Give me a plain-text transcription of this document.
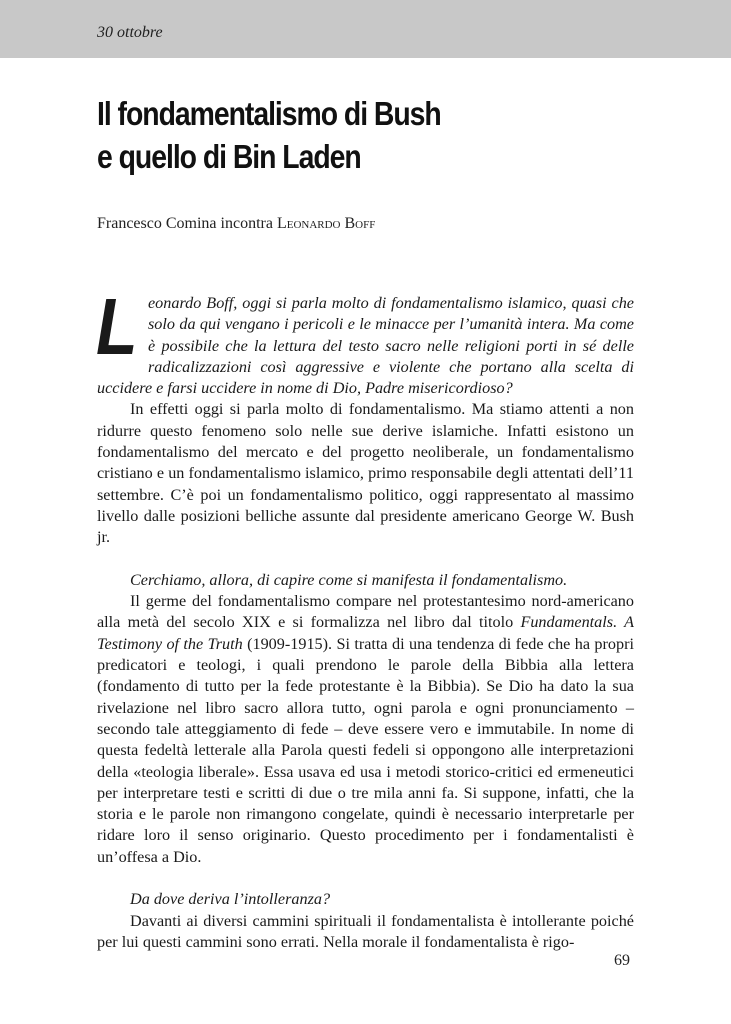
30 ottobre
Il fondamentalismo di Bush
e quello di Bin Laden
Francesco Comina incontra Leonardo Boff

Leonardo Boff, oggi si parla molto di fondamentalismo islamico, quasi che solo da qui vengano i pericoli e le minacce per l’umanità intera. Ma come è possibile che la lettura del testo sacro nelle religioni porti in sé delle radicalizzazioni così aggressive e violente che portano alla scelta di uccidere e farsi uccidere in nome di Dio, Padre misericordioso?

In effetti oggi si parla molto di fondamentalismo. Ma stiamo attenti a non ridurre questo fenomeno solo nelle sue derive islamiche. Infatti esistono un fondamentalismo del mercato e del progetto neoliberale, un fondamentalismo cristiano e un fondamentalismo islamico, primo responsabile degli attentati dell’11 settembre. C’è poi un fondamentalismo politico, oggi rappresentato al massimo livello dalle posizioni belliche assunte dal presidente americano George W. Bush jr.

Cerchiamo, allora, di capire come si manifesta il fondamentalismo.

Il germe del fondamentalismo compare nel protestantesimo nord-americano alla metà del secolo XIX e si formalizza nel libro dal titolo Fundamentals. A Testimony of the Truth (1909-1915). Si tratta di una tendenza di fede che ha propri predicatori e teologi, i quali prendono le parole della Bibbia alla lettera (fondamento di tutto per la fede protestante è la Bibbia). Se Dio ha dato la sua rivelazione nel libro sacro allora tutto, ogni parola e ogni pronunciamento – secondo tale atteggiamento di fede – deve essere vero e immutabile. In nome di questa fedeltà letterale alla Parola questi fedeli si oppongono alle interpretazioni della «teologia liberale». Essa usava ed usa i metodi storico-critici ed ermeneutici per interpretare testi e scritti di due o tre mila anni fa. Si suppone, infatti, che la storia e le parole non rimangono congelate, quindi è necessario interpretarle per ridare loro il senso originario. Questo procedimento per i fondamentalisti è un’offesa a Dio.

Da dove deriva l’intolleranza?

Davanti ai diversi cammini spirituali il fondamentalista è intollerante poiché per lui questi cammini sono errati. Nella morale il fondamentalista è rigo-

69
